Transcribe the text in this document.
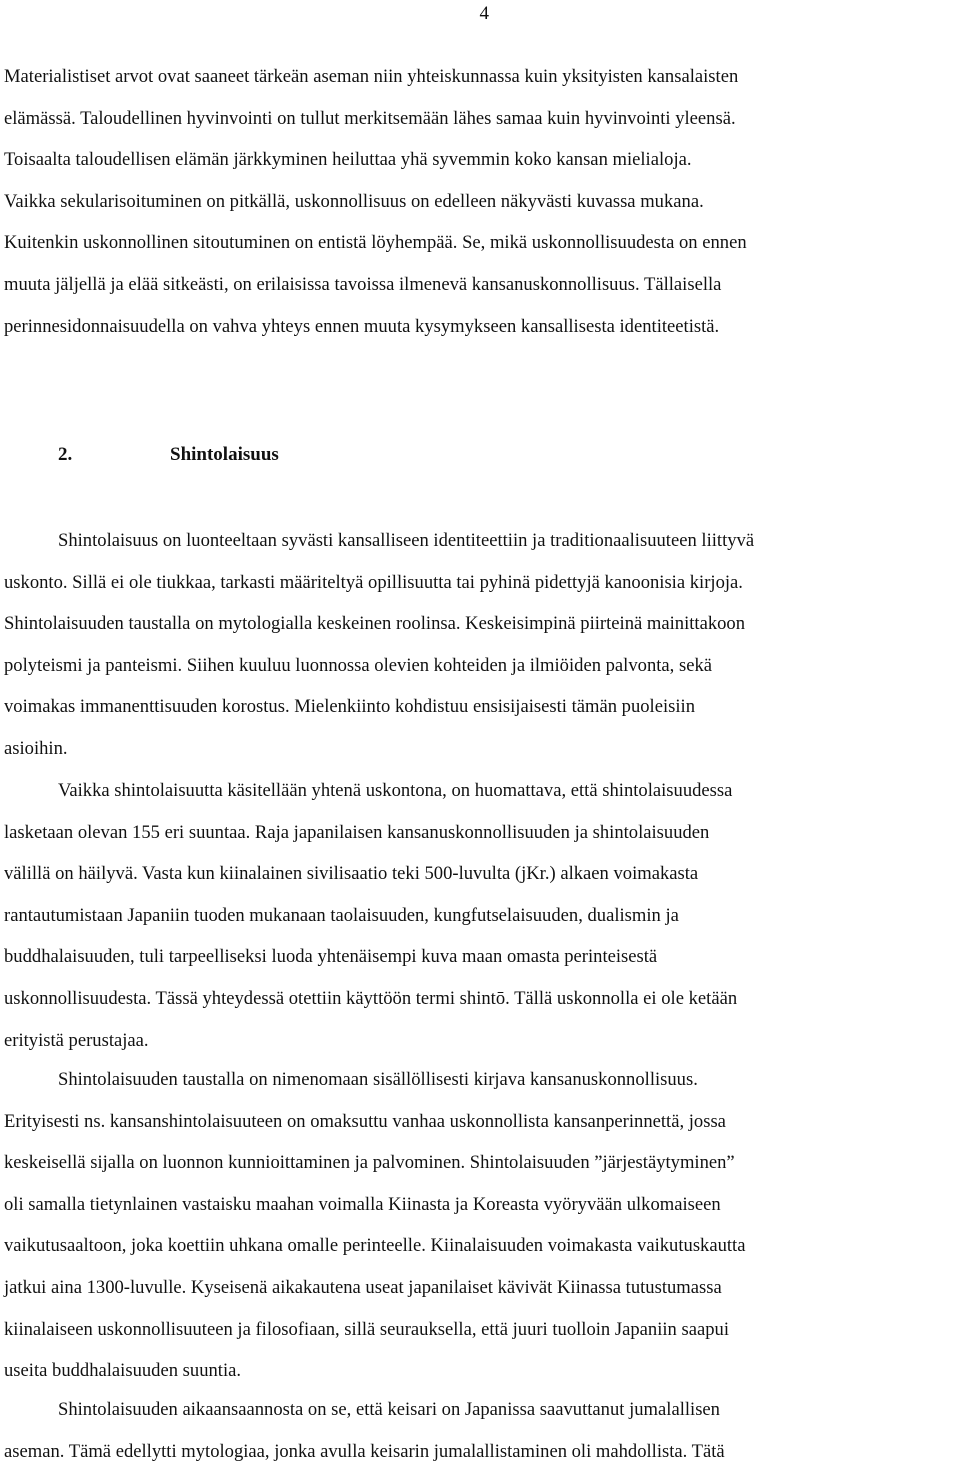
4

Materialistiset arvot ovat saaneet tärkeän aseman niin yhteiskunnassa kuin yksityisten kansalaisten
elämässä. Taloudellinen hyvinvointi on tullut merkitsemään lähes samaa kuin hyvinvointi yleensä.
Toisaalta taloudellisen elämän järkkyminen heiluttaa yhä syvemmin koko kansan mielialoja.
Vaikka sekularisoituminen on pitkällä, uskonnollisuus on edelleen näkyvästi kuvassa mukana.
Kuitenkin uskonnollinen sitoutuminen on entistä löyhempää. Se, mikä uskonnollisuudesta on ennen
muuta jäljellä ja elää sitkeästi, on erilaisissa tavoissa ilmenevä kansanuskonnollisuus. Tällaisella
perinnesidonnaisuudella on vahva yhteys ennen muuta kysymykseen kansallisesta identiteetistä.

2.	Shintolaisuus

Shintolaisuus on luonteeltaan syvästi kansalliseen identiteettiin ja traditionaalisuuteen liittyvä
uskonto. Sillä ei ole tiukkaa, tarkasti määriteltyä opillisuutta tai pyhinä pidettyjä kanoonisia kirjoja.
Shintolaisuuden taustalla on mytologialla keskeinen roolinsa. Keskeisimpinä piirteinä mainittakoon
polyteismi ja panteismi. Siihen kuuluu luonnossa olevien kohteiden ja ilmiöiden palvonta, sekä
voimakas immanenttisuuden korostus. Mielenkiinto kohdistuu ensisijaisesti tämän puoleisiin
asioihin.

Vaikka shintolaisuutta käsitellään yhtenä uskontona, on huomattava, että shintolaisuudessa
lasketaan olevan 155 eri suuntaa. Raja japanilaisen kansanuskonnollisuuden ja shintolaisuuden
välillä on häilyvä. Vasta kun kiinalainen sivilisaatio teki 500-luvulta (jKr.) alkaen voimakasta
rantautumistaan Japaniin tuoden mukanaan taolaisuuden, kungfutselaisuuden, dualismin ja
buddhalaisuuden, tuli tarpeelliseksi luoda yhtenäisempi kuva maan omasta perinteisestä
uskonnollisuudesta. Tässä yhteydessä otettiin käyttöön termi shintō. Tällä uskonnolla ei ole ketään
erityistä perustajaa.

Shintolaisuuden taustalla on nimenomaan sisällöllisesti kirjava kansanuskonnollisuus.
Erityisesti ns. kansanshintolaisuuteen on omaksuttu vanhaa uskonnollista kansanperinnettä, jossa
keskeisellä sijalla on luonnon kunnioittaminen ja palvominen. Shintolaisuuden ”järjestäytyminen”
oli samalla tietynlainen vastaisku maahan voimalla Kiinasta ja Koreasta vyöryvään ulkomaiseen
vaikutusaaltoon, joka koettiin uhkana omalle perinteelle. Kiinalaisuuden voimakasta vaikutuskautta
jatkui aina 1300-luvulle. Kyseisenä aikakautena useat japanilaiset kävivät Kiinassa tutustumassa
kiinalaiseen uskonnollisuuteen ja filosofiaan, sillä seurauksella, että juuri tuolloin Japaniin saapui
useita buddhalaisuuden suuntia.

Shintolaisuuden aikaansaannosta on se, että keisari on Japanissa saavuttanut jumalallisen
aseman. Tämä edellytti mytologiaa, jonka avulla keisarin jumalallistaminen oli mahdollista. Tätä
